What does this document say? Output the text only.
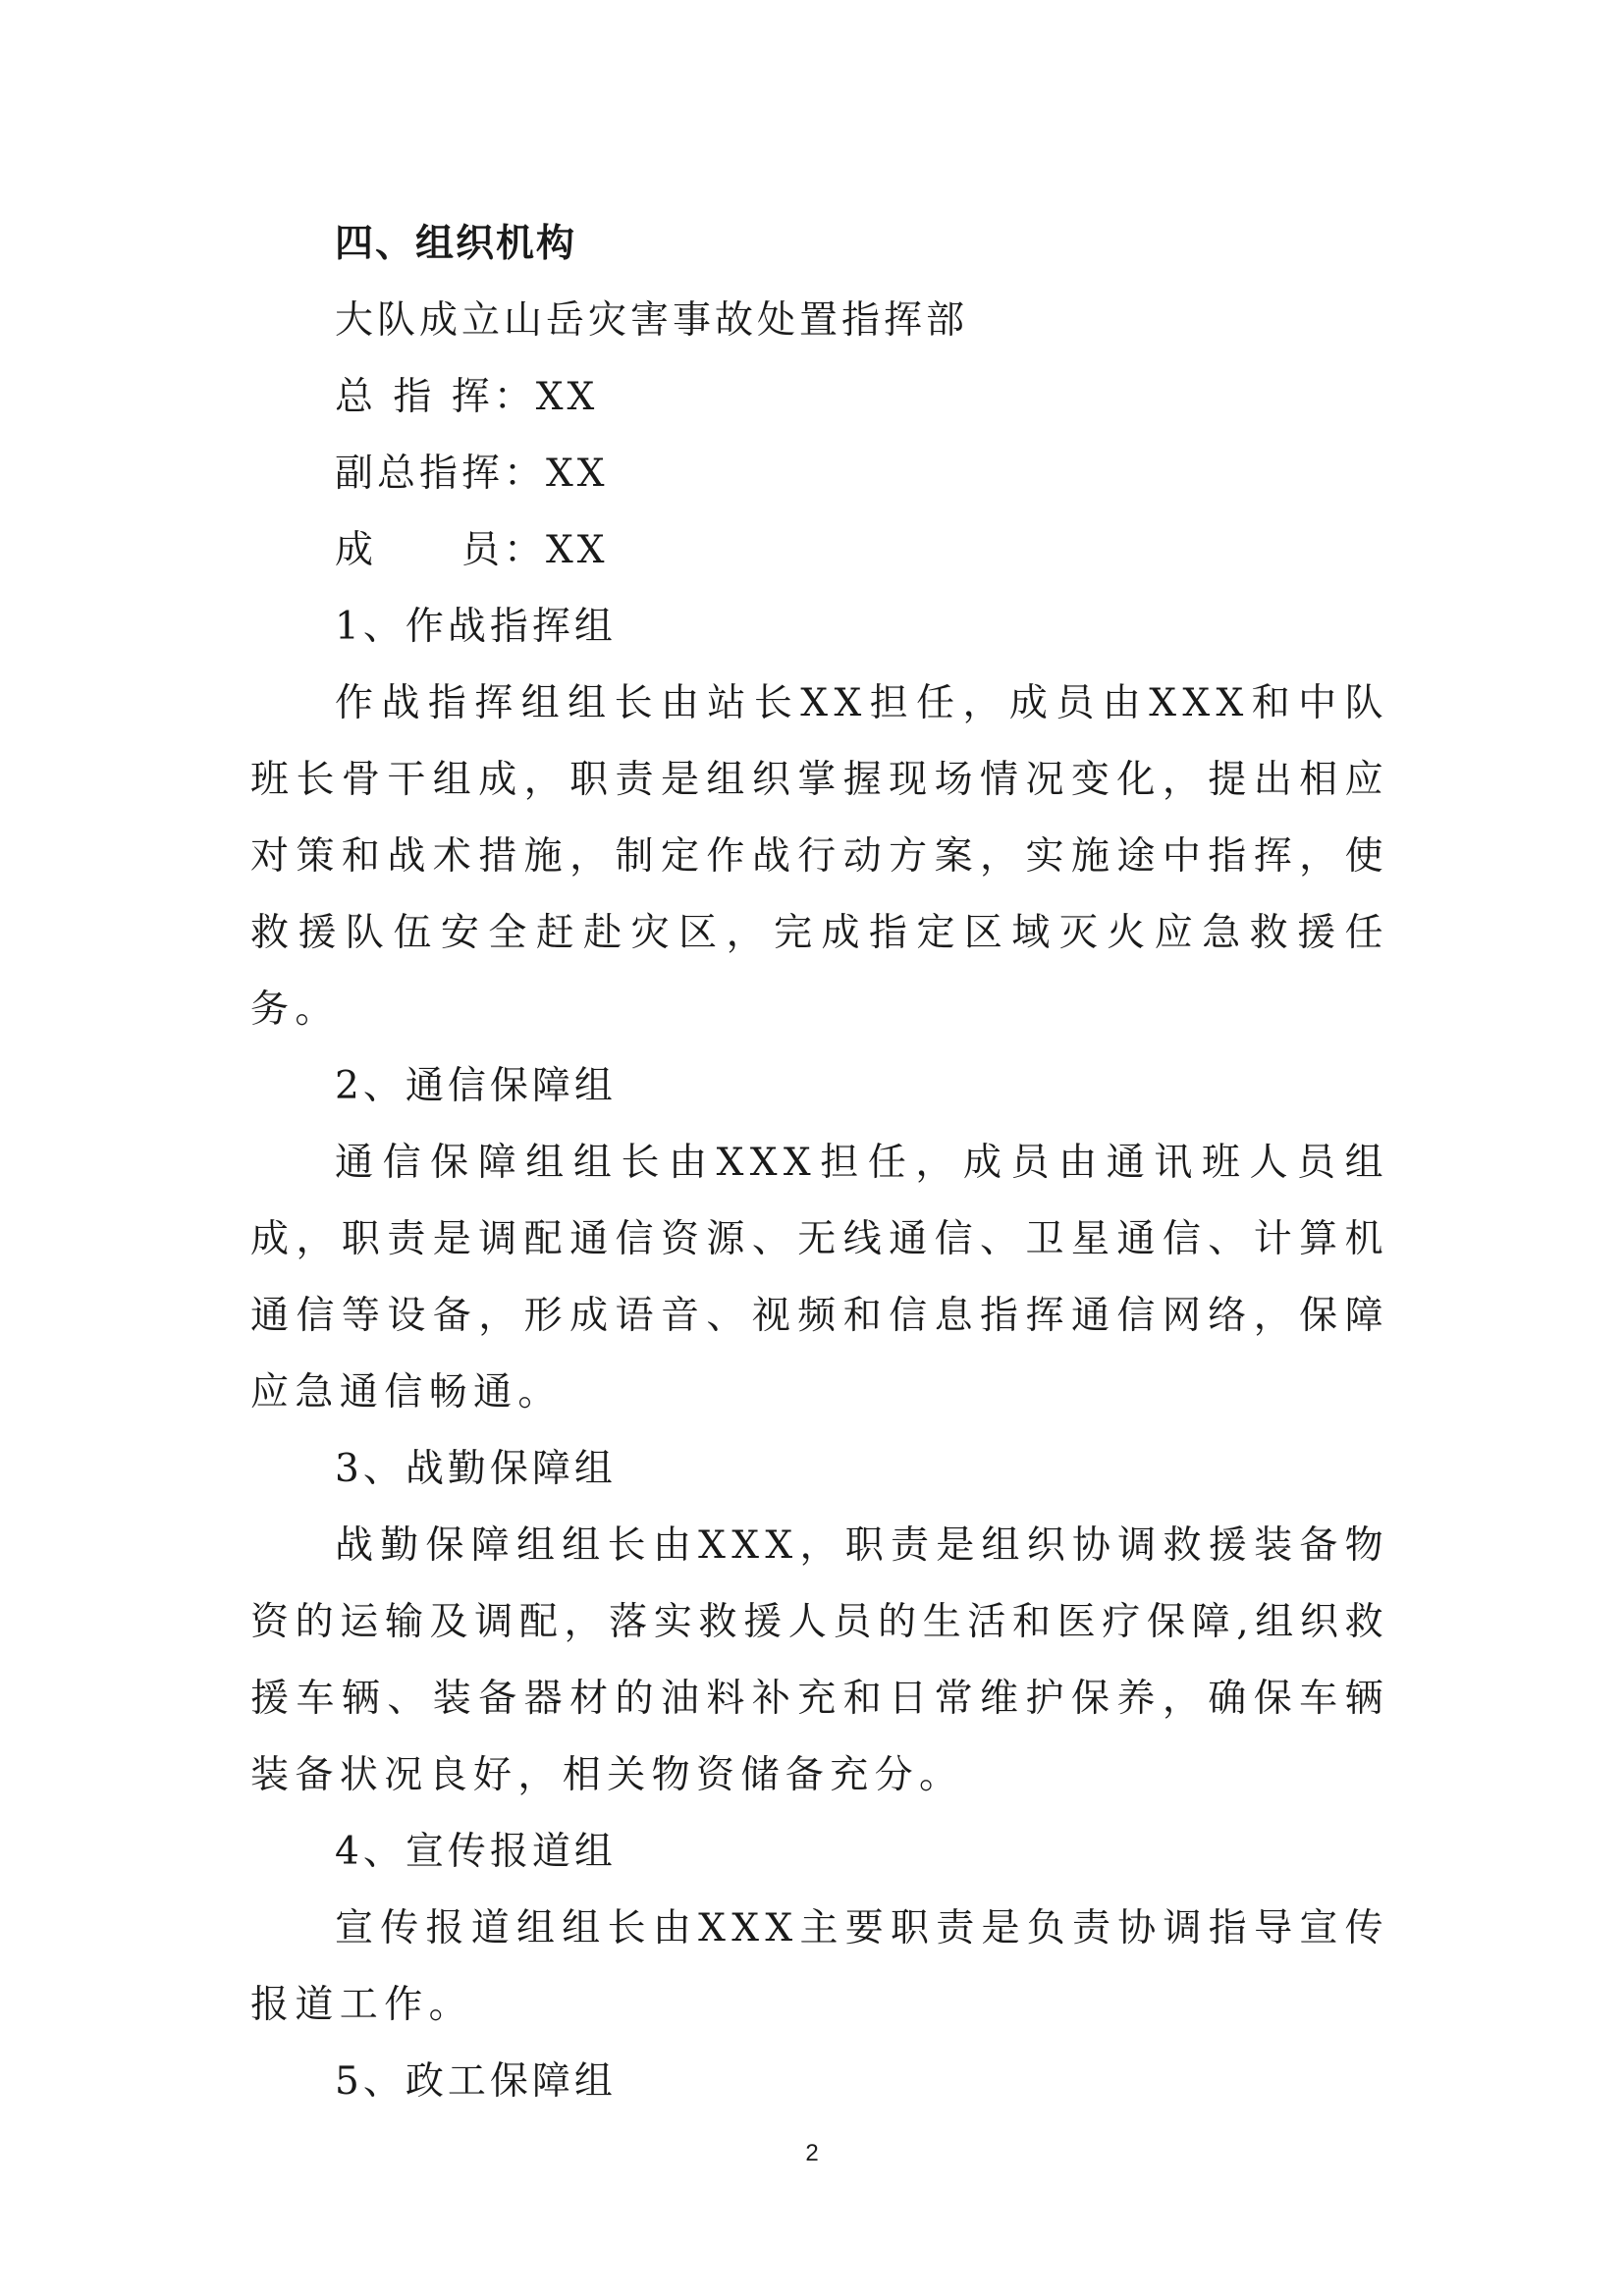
四、组织机构
大队成立山岳灾害事故处置指挥部
总 指 挥：XX
副总指挥：XX
成　　员：XX
1、作战指挥组

作战指挥组组长由站长XX担任，成员由XXX和中队班长骨干组成，职责是组织掌握现场情况变化，提出相应对策和战术措施，制定作战行动方案，实施途中指挥，使救援队伍安全赶赴灾区，完成指定区域灭火应急救援任务。

2、通信保障组

通信保障组组长由XXX担任，成员由通讯班人员组成，职责是调配通信资源、无线通信、卫星通信、计算机通信等设备，形成语音、视频和信息指挥通信网络，保障应急通信畅通。

3、战勤保障组

战勤保障组组长由XXX，职责是组织协调救援装备物资的运输及调配，落实救援人员的生活和医疗保障,组织救援车辆、装备器材的油料补充和日常维护保养，确保车辆装备状况良好，相关物资储备充分。

4、宣传报道组

宣传报道组组长由XXX主要职责是负责协调指导宣传报道工作。

5、政工保障组
2
